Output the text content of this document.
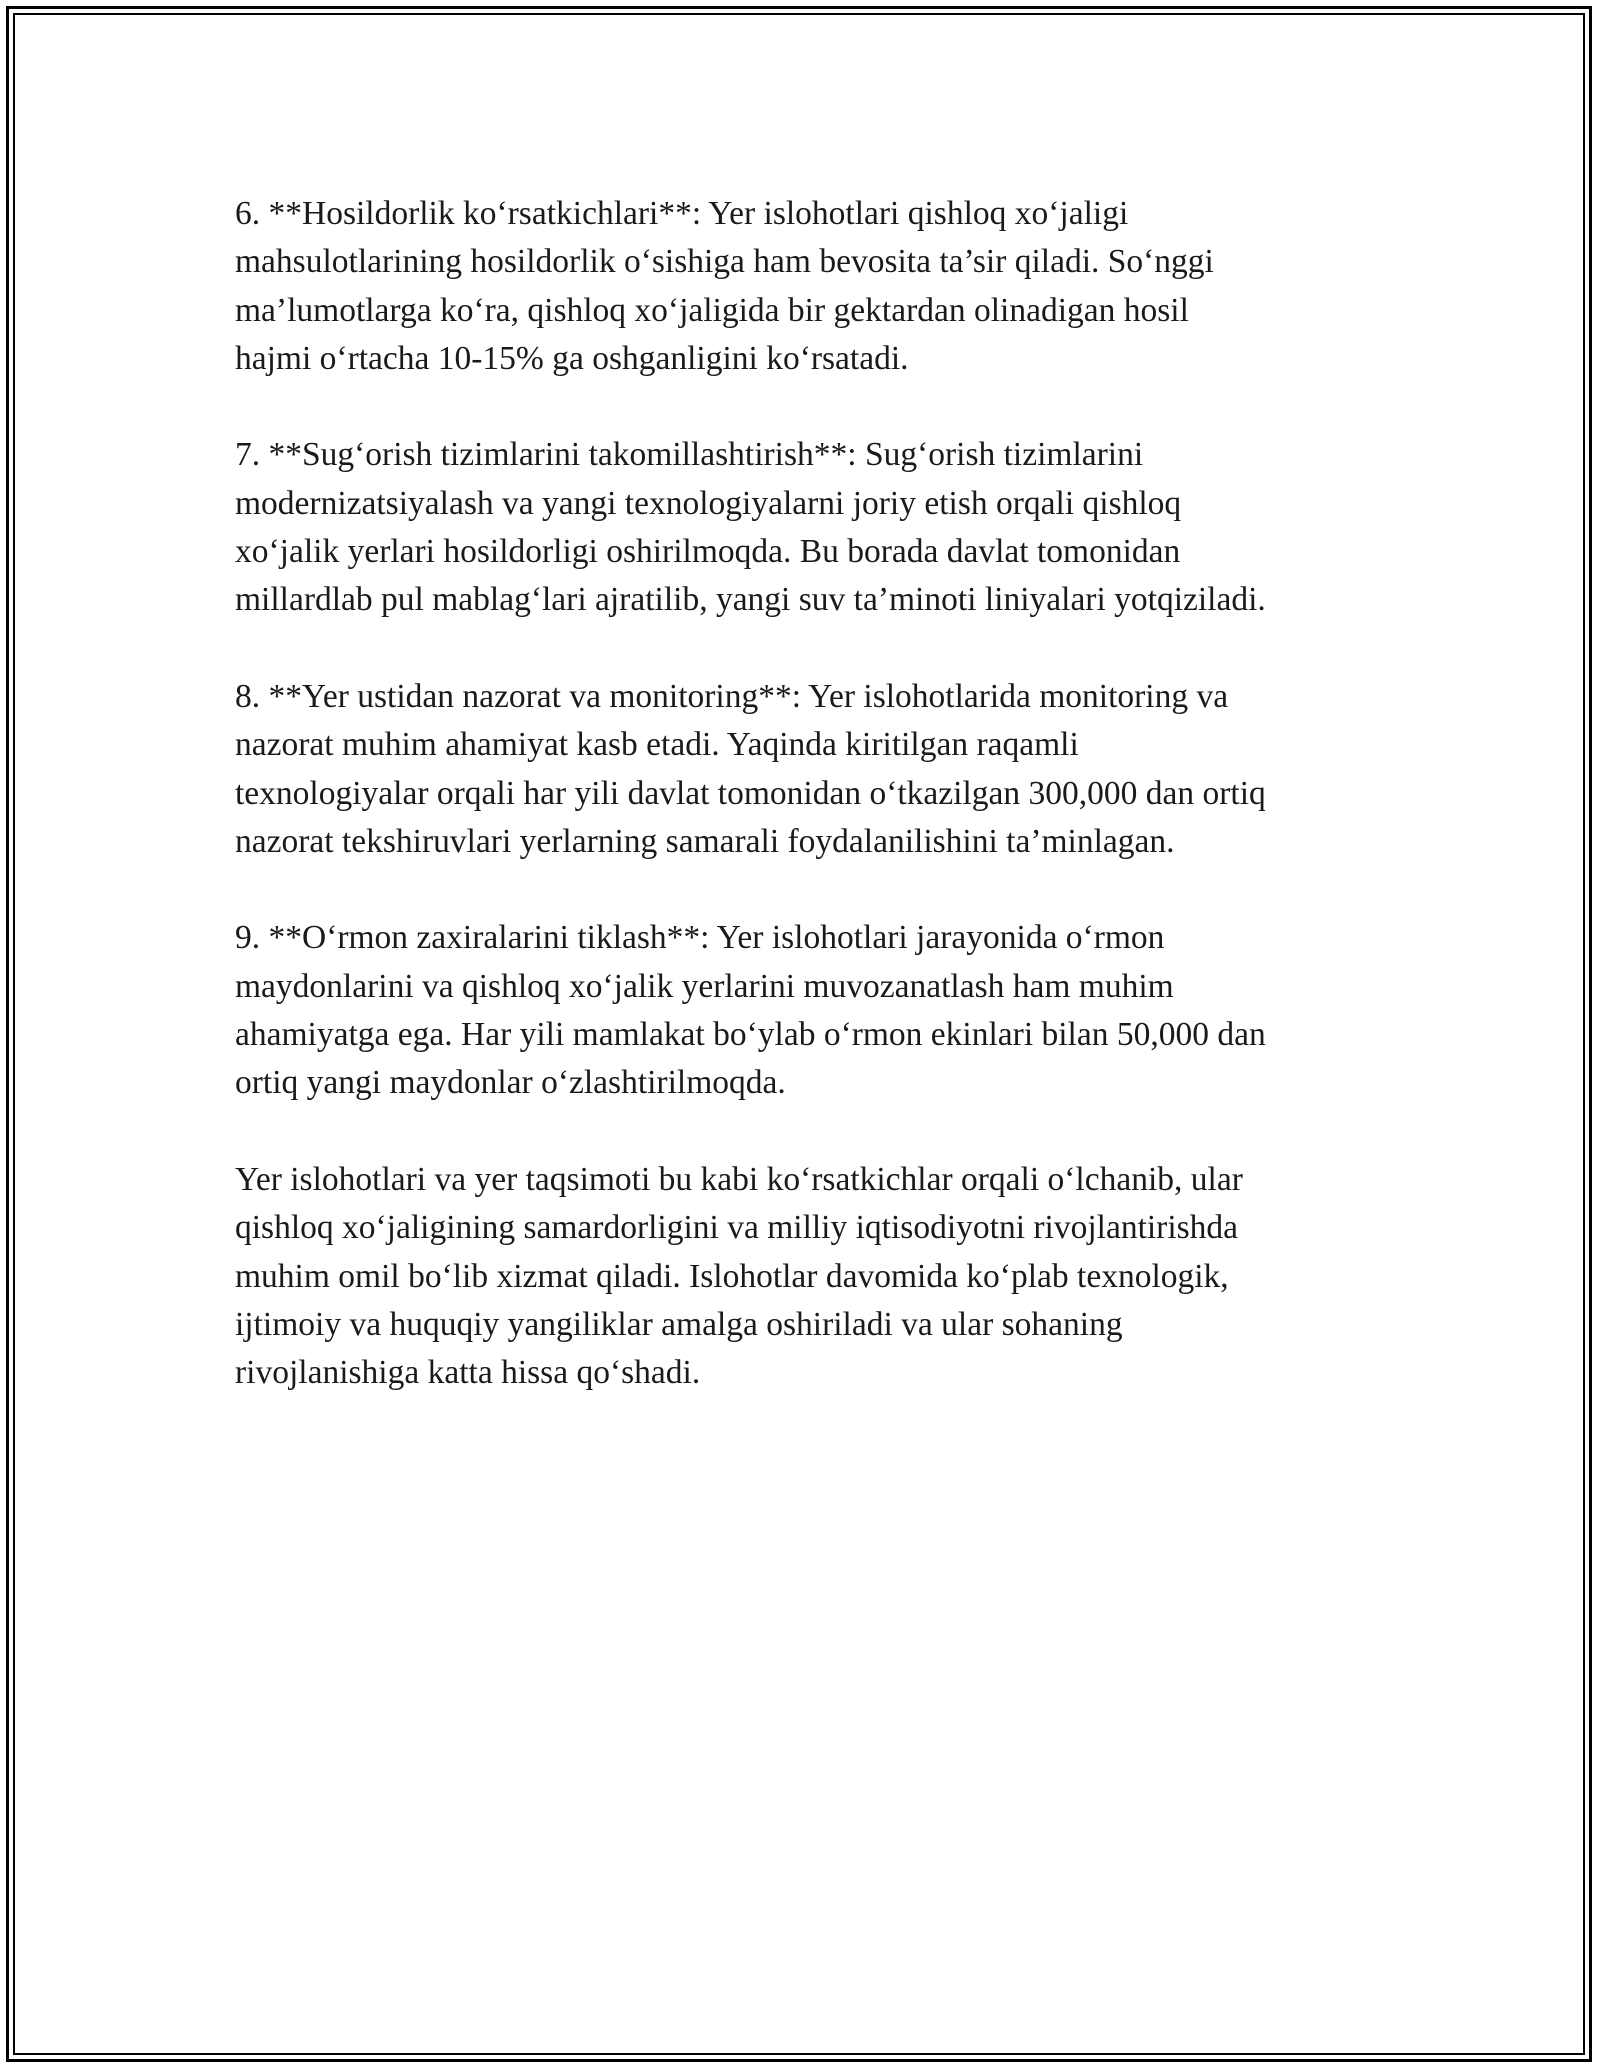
6. **Hosildorlik ko‘rsatkichlari**: Yer islohotlari qishloq xo‘jaligi
mahsulotlarining hosildorlik o‘sishiga ham bevosita ta’sir qiladi. So‘nggi
ma’lumotlarga ko‘ra, qishloq xo‘jaligida bir gektardan olinadigan hosil
hajmi o‘rtacha 10-15% ga oshganligini ko‘rsatadi.

7. **Sug‘orish tizimlarini takomillashtirish**: Sug‘orish tizimlarini
modernizatsiyalash va yangi texnologiyalarni joriy etish orqali qishloq
xo‘jalik yerlari hosildorligi oshirilmoqda. Bu borada davlat tomonidan
millardlab pul mablag‘lari ajratilib, yangi suv ta’minoti liniyalari yotqiziladi.

8. **Yer ustidan nazorat va monitoring**: Yer islohotlarida monitoring va
nazorat muhim ahamiyat kasb etadi. Yaqinda kiritilgan raqamli
texnologiyalar orqali har yili davlat tomonidan o‘tkazilgan 300,000 dan ortiq
nazorat tekshiruvlari yerlarning samarali foydalanilishini ta’minlagan.

9. **O‘rmon zaxiralarini tiklash**: Yer islohotlari jarayonida o‘rmon
maydonlarini va qishloq xo‘jalik yerlarini muvozanatlash ham muhim
ahamiyatga ega. Har yili mamlakat bo‘ylab o‘rmon ekinlari bilan 50,000 dan
ortiq yangi maydonlar o‘zlashtirilmoqda.

Yer islohotlari va yer taqsimoti bu kabi ko‘rsatkichlar orqali o‘lchanib, ular
qishloq xo‘jaligining samardorligini va milliy iqtisodiyotni rivojlantirishda
muhim omil bo‘lib xizmat qiladi. Islohotlar davomida ko‘plab texnologik,
ijtimoiy va huquqiy yangiliklar amalga oshiriladi va ular sohaning
rivojlanishiga katta hissa qo‘shadi.
